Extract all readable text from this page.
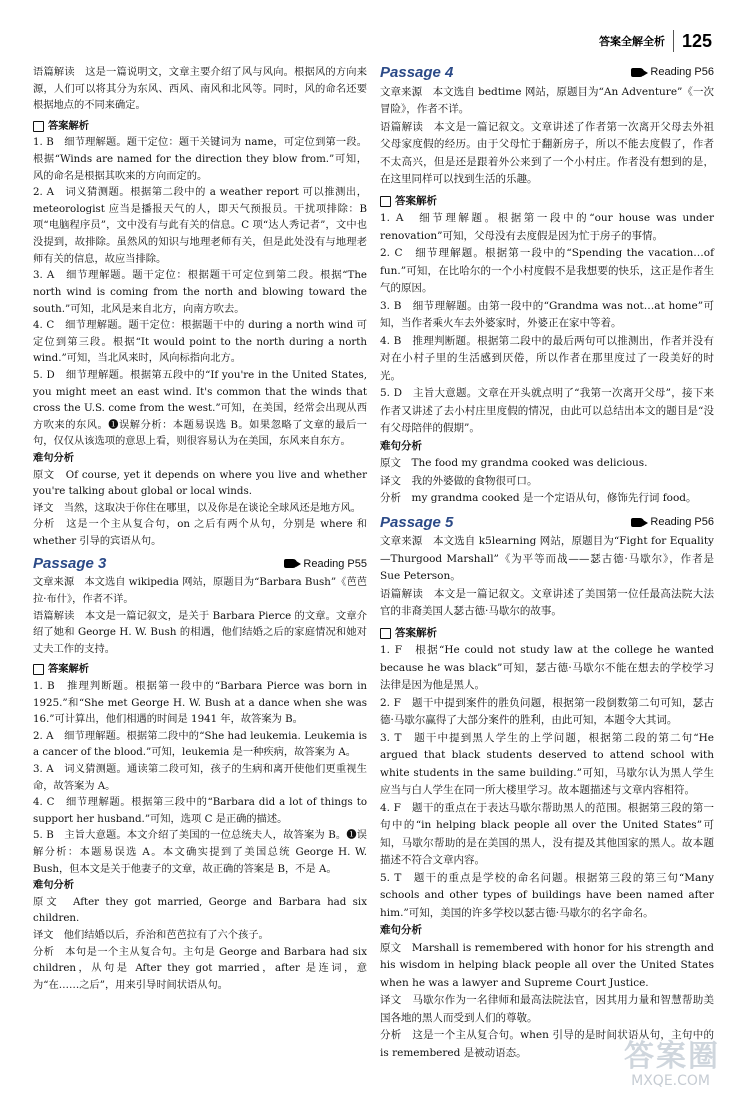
答案全解全析 125

语篇解读　这是一篇说明文，文章主要介绍了风与风向。根据风的方向来源，人们可以将其分为东风、西风、南风和北风等。同时，风的命名还要根据地点的不同来确定。

答案解析

1. B　细节理解题。题干定位：题干关键词为 name，可定位到第一段。根据“Winds are named for the direction they blow from.”可知，风的命名是根据其吹来的方向而定的。

2. A　词义猜测题。根据第二段中的 a weather report 可以推测出，meteorologist 应当是播报天气的人，即天气预报员。干扰项排除：B 项“电脑程序员”，文中没有与此有关的信息。C 项“达人秀记者”，文中也没提到，故排除。虽然风的知识与地理老师有关，但是此处没有与地理老师有关的信息，故应当排除。

3. A　细节理解题。题干定位：根据题干可定位到第二段。根据“The north wind is coming from the north and blowing toward the south.”可知，北风是来自北方，向南方吹去。

4. C　细节理解题。题干定位：根据题干中的 during a north wind 可定位到第三段。根据“It would point to the north during a north wind.”可知，当北风来时，风向标指向北方。

5. D　细节理解题。根据第五段中的“If you're in the United States, you might meet an east wind. It's common that the winds that cross the U.S. come from the west.”可知，在美国，经常会出现从西方吹来的东风。❶误解分析：本题易误选 B。如果忽略了文章的最后一句，仅仅从该选项的意思上看，则很容易认为在美国，东风来自东方。

难句分析

原文　Of course, yet it depends on where you live and whether you're talking about global or local winds.

译文　当然，这取决于你住在哪里，以及你是在谈论全球风还是地方风。

分析　这是一个主从复合句，on 之后有两个从句，分别是 where 和 whether 引导的宾语从句。

Passage 3	Reading P55

文章来源　本文选自 wikipedia 网站，原题目为“Barbara Bush”《芭芭拉·布什》，作者不详。

语篇解读　本文是一篇记叙文，是关于 Barbara Pierce 的文章。文章介绍了她和 George H. W. Bush 的相遇，他们结婚之后的家庭情况和她对丈夫工作的支持。

答案解析

1. B　推理判断题。根据第一段中的“Barbara Pierce was born in 1925.”和“She met George H. W. Bush at a dance when she was 16.”可计算出，他们相遇的时间是 1941 年，故答案为 B。

2. A　细节理解题。根据第二段中的“She had leukemia. Leukemia is a cancer of the blood.”可知，leukemia 是一种疾病，故答案为 A。

3. A　词义猜测题。通读第二段可知，孩子的生病和离开使他们更重视生命，故答案为 A。

4. C　细节理解题。根据第三段中的“Barbara did a lot of things to support her husband.”可知，选项 C 是正确的描述。

5. B　主旨大意题。本文介绍了美国的一位总统夫人，故答案为 B。❶误解分析：本题易误选 A。本文确实提到了美国总统 George H. W. Bush，但本文是关于他妻子的文章，故正确的答案是 B，不是 A。

难句分析

原文　After they got married, George and Barbara had six children.

译文　他们结婚以后，乔治和芭芭拉有了六个孩子。

分析　本句是一个主从复合句。主句是 George and Barbara had six children，从句是 After they got married，after 是连词，意为“在……之后”，用来引导时间状语从句。

Passage 4	Reading P56

文章来源　本文选自 bedtime 网站，原题目为“An Adventure”《一次冒险》，作者不详。

语篇解读　本文是一篇记叙文。文章讲述了作者第一次离开父母去外祖父母家度假的经历。由于父母忙于翻新房子，所以不能去度假了，作者不太高兴，但是还是跟着外公来到了一个小村庄。作者没有想到的是，在这里同样可以找到生活的乐趣。

答案解析

1. A　细节理解题。根据第一段中的“our house was under renovation”可知，父母没有去度假是因为忙于房子的事情。

2. C　细节理解题。根据第一段中的“Spending the vacation…of fun.”可知，在比哈尔的一个小村度假不是我想要的快乐，这正是作者生气的原因。

3. B　细节理解题。由第一段中的“Grandma was not…at home”可知，当作者乘火车去外婆家时，外婆正在家中等着。

4. B　推理判断题。根据第二段中的最后两句可以推测出，作者并没有对在小村子里的生活感到厌倦，所以作者在那里度过了一段美好的时光。

5. D　主旨大意题。文章在开头就点明了“我第一次离开父母”，接下来作者又讲述了去小村庄里度假的情况，由此可以总结出本文的题目是“没有父母陪伴的假期”。

难句分析

原文　The food my grandma cooked was delicious.

译文　我的外婆做的食物很可口。

分析　my grandma cooked 是一个定语从句，修饰先行词 food。

Passage 5	Reading P56

文章来源　本文选自 k5learning 网站，原题目为“Fight for Equality—Thurgood Marshall”《为平等而战——瑟古德·马歇尔》，作者是 Sue Peterson。

语篇解读　本文是一篇记叙文。文章讲述了美国第一位任最高法院大法官的非裔美国人瑟古德·马歇尔的故事。

答案解析

1. F　根据“He could not study law at the college he wanted because he was black”可知，瑟古德·马歇尔不能在想去的学校学习法律是因为他是黑人。

2. F　题干中提到案件的胜负问题，根据第一段倒数第二句可知，瑟古德·马歇尔赢得了大部分案件的胜利，由此可知，本题令大其词。

3. T　题干中提到黑人学生的上学问题，根据第二段的第二句“He argued that black students deserved to attend school with white students in the same building.”可知，马歇尔认为黑人学生应当与白人学生在同一所大楼里学习。故本题描述与文章内容相符。

4. F　题干的重点在于表达马歇尔帮助黑人的范围。根据第三段的第一句中的“in helping black people all over the United States”可知，马歇尔帮助的是在美国的黑人，没有提及其他国家的黑人。故本题描述不符合文章内容。

5. T　题干的重点是学校的命名问题。根据第三段的第三句“Many schools and other types of buildings have been named after him.”可知，美国的许多学校以瑟古德·马歇尔的名字命名。

难句分析

原文　Marshall is remembered with honor for his strength and his wisdom in helping black people all over the United States when he was a lawyer and Supreme Court Justice.

译文　马歇尔作为一名律师和最高法院法官，因其用力量和智慧帮助美国各地的黑人而受到人们的尊敬。

分析　这是一个主从复合句。when 引导的是时间状语从句，主句中的 is remembered 是被动语态。	答案圈
MXQE.COM
